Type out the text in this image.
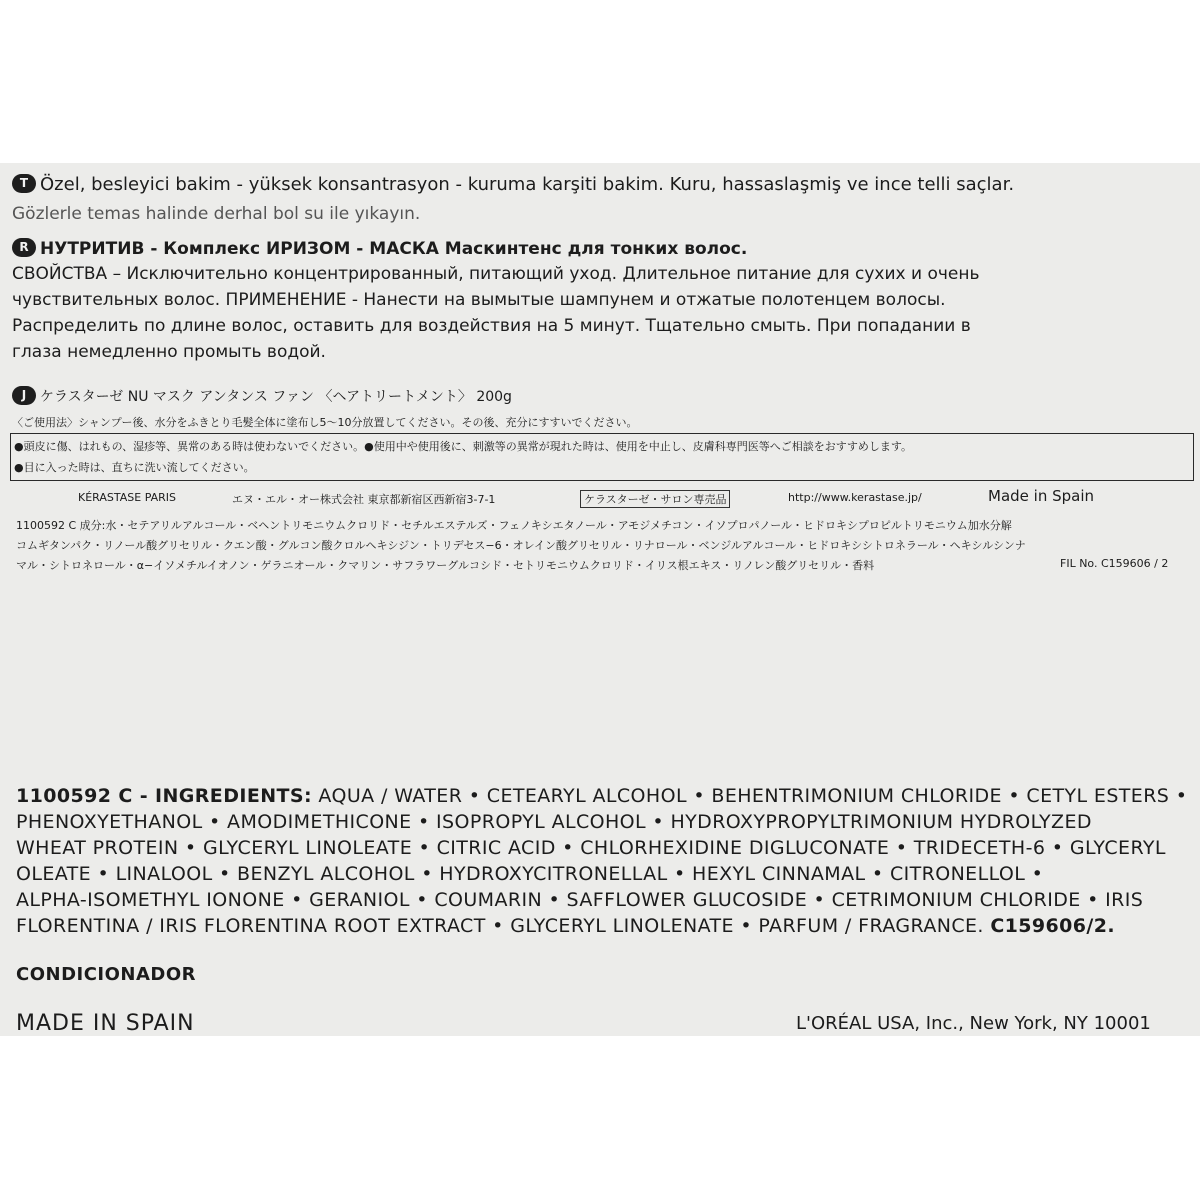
T Özel, besleyici bakim - yüksek konsantrasyon - kuruma karşiti bakim. Kuru, hassaslaşmiş ve ince telli saçlar.
Gözlerle temas halinde derhal bol su ile yıkayın.
R НУТРИТИВ - Комплекс ИРИЗОМ - МАСКА Маскинтенс для тонких волос.
СВОЙСТВА – Исключительно концентрированный, питающий уход. Длительное питание для сухих и очень
чувствительных волос. ПРИМЕНЕНИЕ - Нанести на вымытые шампунем и отжатые полотенцем волосы.
Распределить по длине волос, оставить для воздействия на 5 минут. Тщательно смыть. При попадании в
глаза немедленно промыть водой.
J ケラスターゼ NU マスク アンタンス ファン 〈ヘアトリートメント〉 200g
〈ご使用法〉シャンプー後、水分をふきとり毛髪全体に塗布し5～10分放置してください。その後、充分にすすいでください。
●頭皮に傷、はれもの、湿疹等、異常のある時は使わないでください。●使用中や使用後に、刺激等の異常が現れた時は、使用を中止し、皮膚科専門医等へご相談をおすすめします。
●目に入った時は、直ちに洗い流してください。
KÉRASTASE PARIS	エヌ・エル・オー株式会社 東京都新宿区西新宿3-7-1	ケラスターゼ・サロン専売品	http://www.kerastase.jp/	Made in Spain
1100592 C 成分:水・セテアリルアルコール・ベヘントリモニウムクロリド・セチルエステルズ・フェノキシエタノール・アモジメチコン・イソプロパノール・ヒドロキシプロピルトリモニウム加水分解
コムギタンパク・リノール酸グリセリル・クエン酸・グルコン酸クロルヘキシジン・トリデセス−6・オレイン酸グリセリル・リナロール・ベンジルアルコール・ヒドロキシシトロネラール・ヘキシルシンナ
マル・シトロネロール・α−イソメチルイオノン・ゲラニオール・クマリン・サフラワーグルコシド・セトリモニウムクロリド・イリス根エキス・リノレン酸グリセリル・香料	FIL No. C159606 / 2
1100592 C - INGREDIENTS: AQUA / WATER • CETEARYL ALCOHOL • BEHENTRIMONIUM CHLORIDE • CETYL ESTERS •
PHENOXYETHANOL • AMODIMETHICONE • ISOPROPYL ALCOHOL • HYDROXYPROPYLTRIMONIUM HYDROLYZED
WHEAT PROTEIN • GLYCERYL LINOLEATE • CITRIC ACID • CHLORHEXIDINE DIGLUCONATE • TRIDECETH-6 • GLYCERYL
OLEATE • LINALOOL • BENZYL ALCOHOL • HYDROXYCITRONELLAL • HEXYL CINNAMAL • CITRONELLOL •
ALPHA-ISOMETHYL IONONE • GERANIOL • COUMARIN • SAFFLOWER GLUCOSIDE • CETRIMONIUM CHLORIDE • IRIS
FLORENTINA / IRIS FLORENTINA ROOT EXTRACT • GLYCERYL LINOLENATE • PARFUM / FRAGRANCE. C159606/2.
CONDICIONADOR
MADE IN SPAIN	L'ORÉAL USA, Inc., New York, NY 10001
